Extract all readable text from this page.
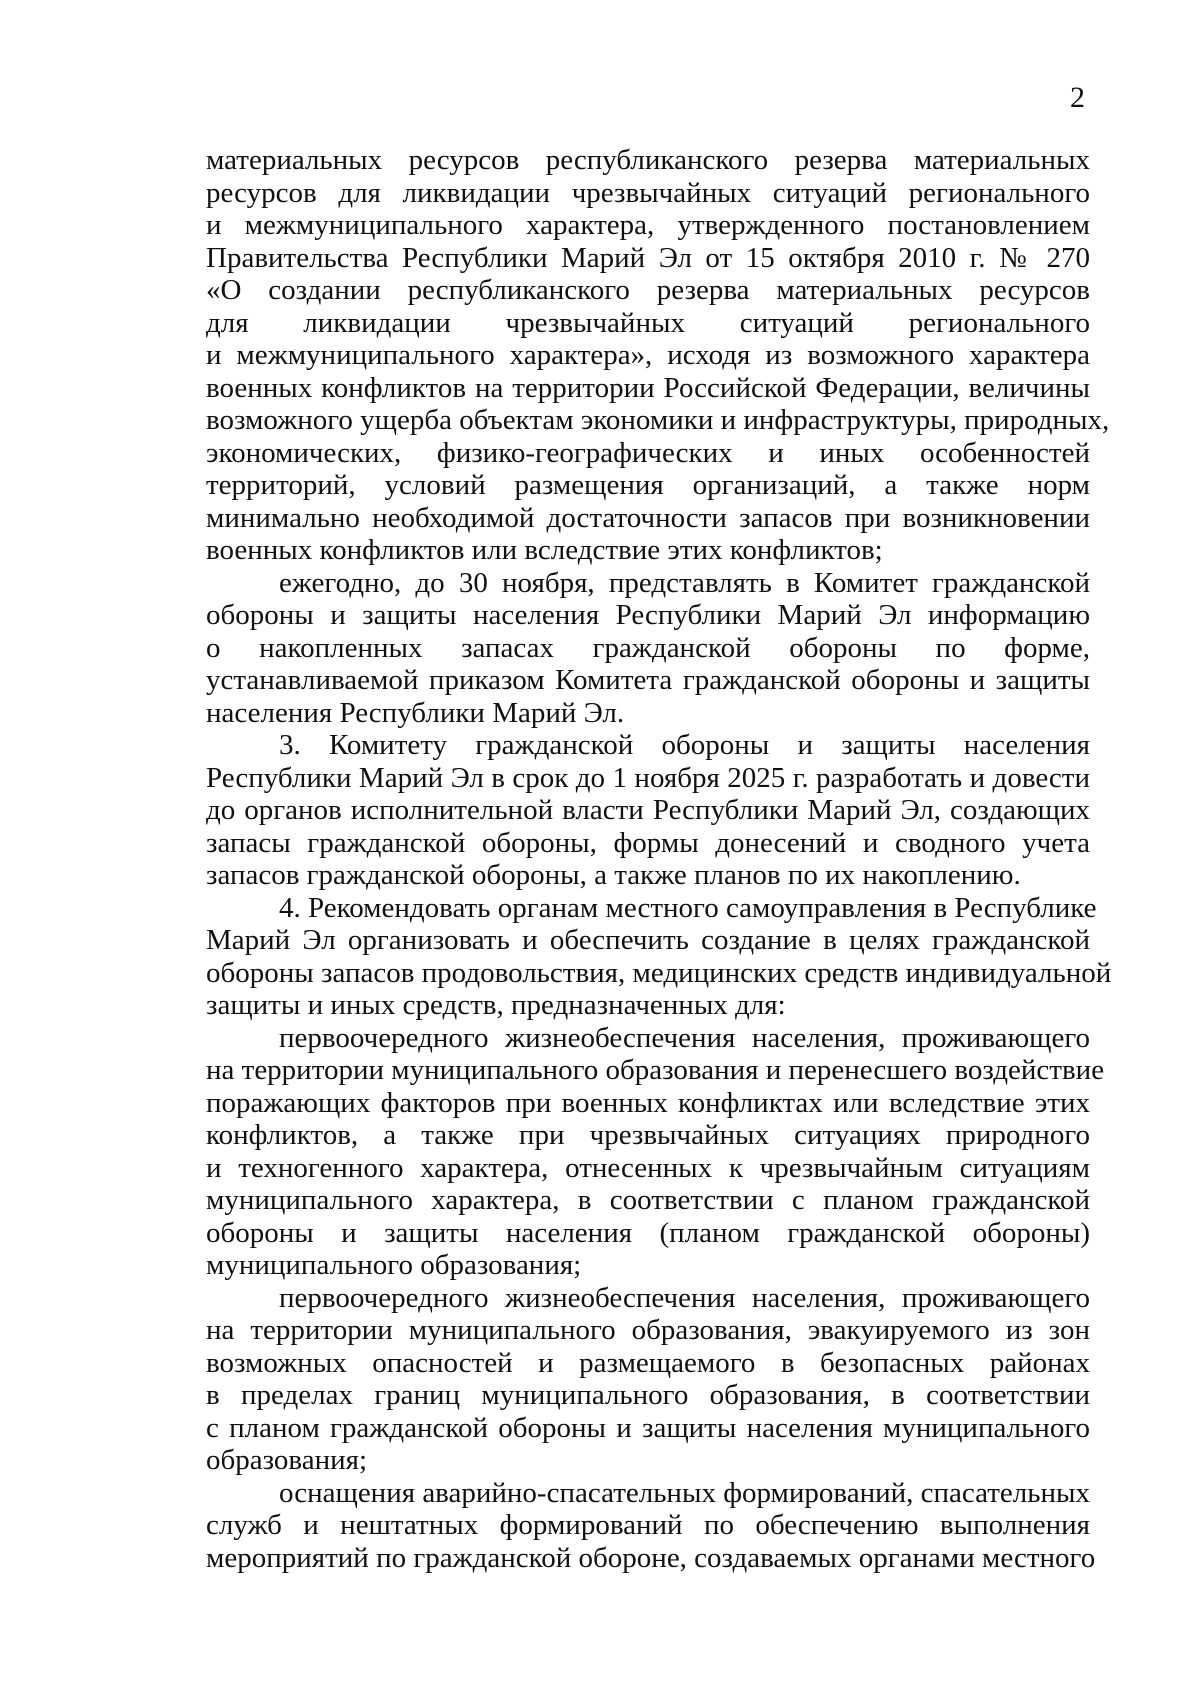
2
материальных ресурсов республиканского резерва материальных
ресурсов для ликвидации чрезвычайных ситуаций регионального
и межмуниципального характера, утвержденного постановлением
Правительства Республики Марий Эл от 15 октября 2010 г. № 270
«О создании республиканского резерва материальных ресурсов
для ликвидации чрезвычайных ситуаций регионального
и межмуниципального характера», исходя из возможного характера
военных конфликтов на территории Российской Федерации, величины
возможного ущерба объектам экономики и инфраструктуры, природных,
экономических, физико-географических и иных особенностей
территорий, условий размещения организаций, а также норм
минимально необходимой достаточности запасов при возникновении
военных конфликтов или вследствие этих конфликтов;
ежегодно, до 30 ноября, представлять в Комитет гражданской
обороны и защиты населения Республики Марий Эл информацию
о накопленных запасах гражданской обороны по форме,
устанавливаемой приказом Комитета гражданской обороны и защиты
населения Республики Марий Эл.
3. Комитету гражданской обороны и защиты населения
Республики Марий Эл в срок до 1 ноября 2025 г. разработать и довести
до органов исполнительной власти Республики Марий Эл, создающих
запасы гражданской обороны, формы донесений и сводного учета
запасов гражданской обороны, а также планов по их накоплению.
4. Рекомендовать органам местного самоуправления в Республике
Марий Эл организовать и обеспечить создание в целях гражданской
обороны запасов продовольствия, медицинских средств индивидуальной
защиты и иных средств, предназначенных для:
первоочередного жизнеобеспечения населения, проживающего
на территории муниципального образования и перенесшего воздействие
поражающих факторов при военных конфликтах или вследствие этих
конфликтов, а также при чрезвычайных ситуациях природного
и техногенного характера, отнесенных к чрезвычайным ситуациям
муниципального характера, в соответствии с планом гражданской
обороны и защиты населения (планом гражданской обороны)
муниципального образования;
первоочередного жизнеобеспечения населения, проживающего
на территории муниципального образования, эвакуируемого из зон
возможных опасностей и размещаемого в безопасных районах
в пределах границ муниципального образования, в соответствии
с планом гражданской обороны и защиты населения муниципального
образования;
оснащения аварийно-спасательных формирований, спасательных
служб и нештатных формирований по обеспечению выполнения
мероприятий по гражданской обороне, создаваемых органами местного
